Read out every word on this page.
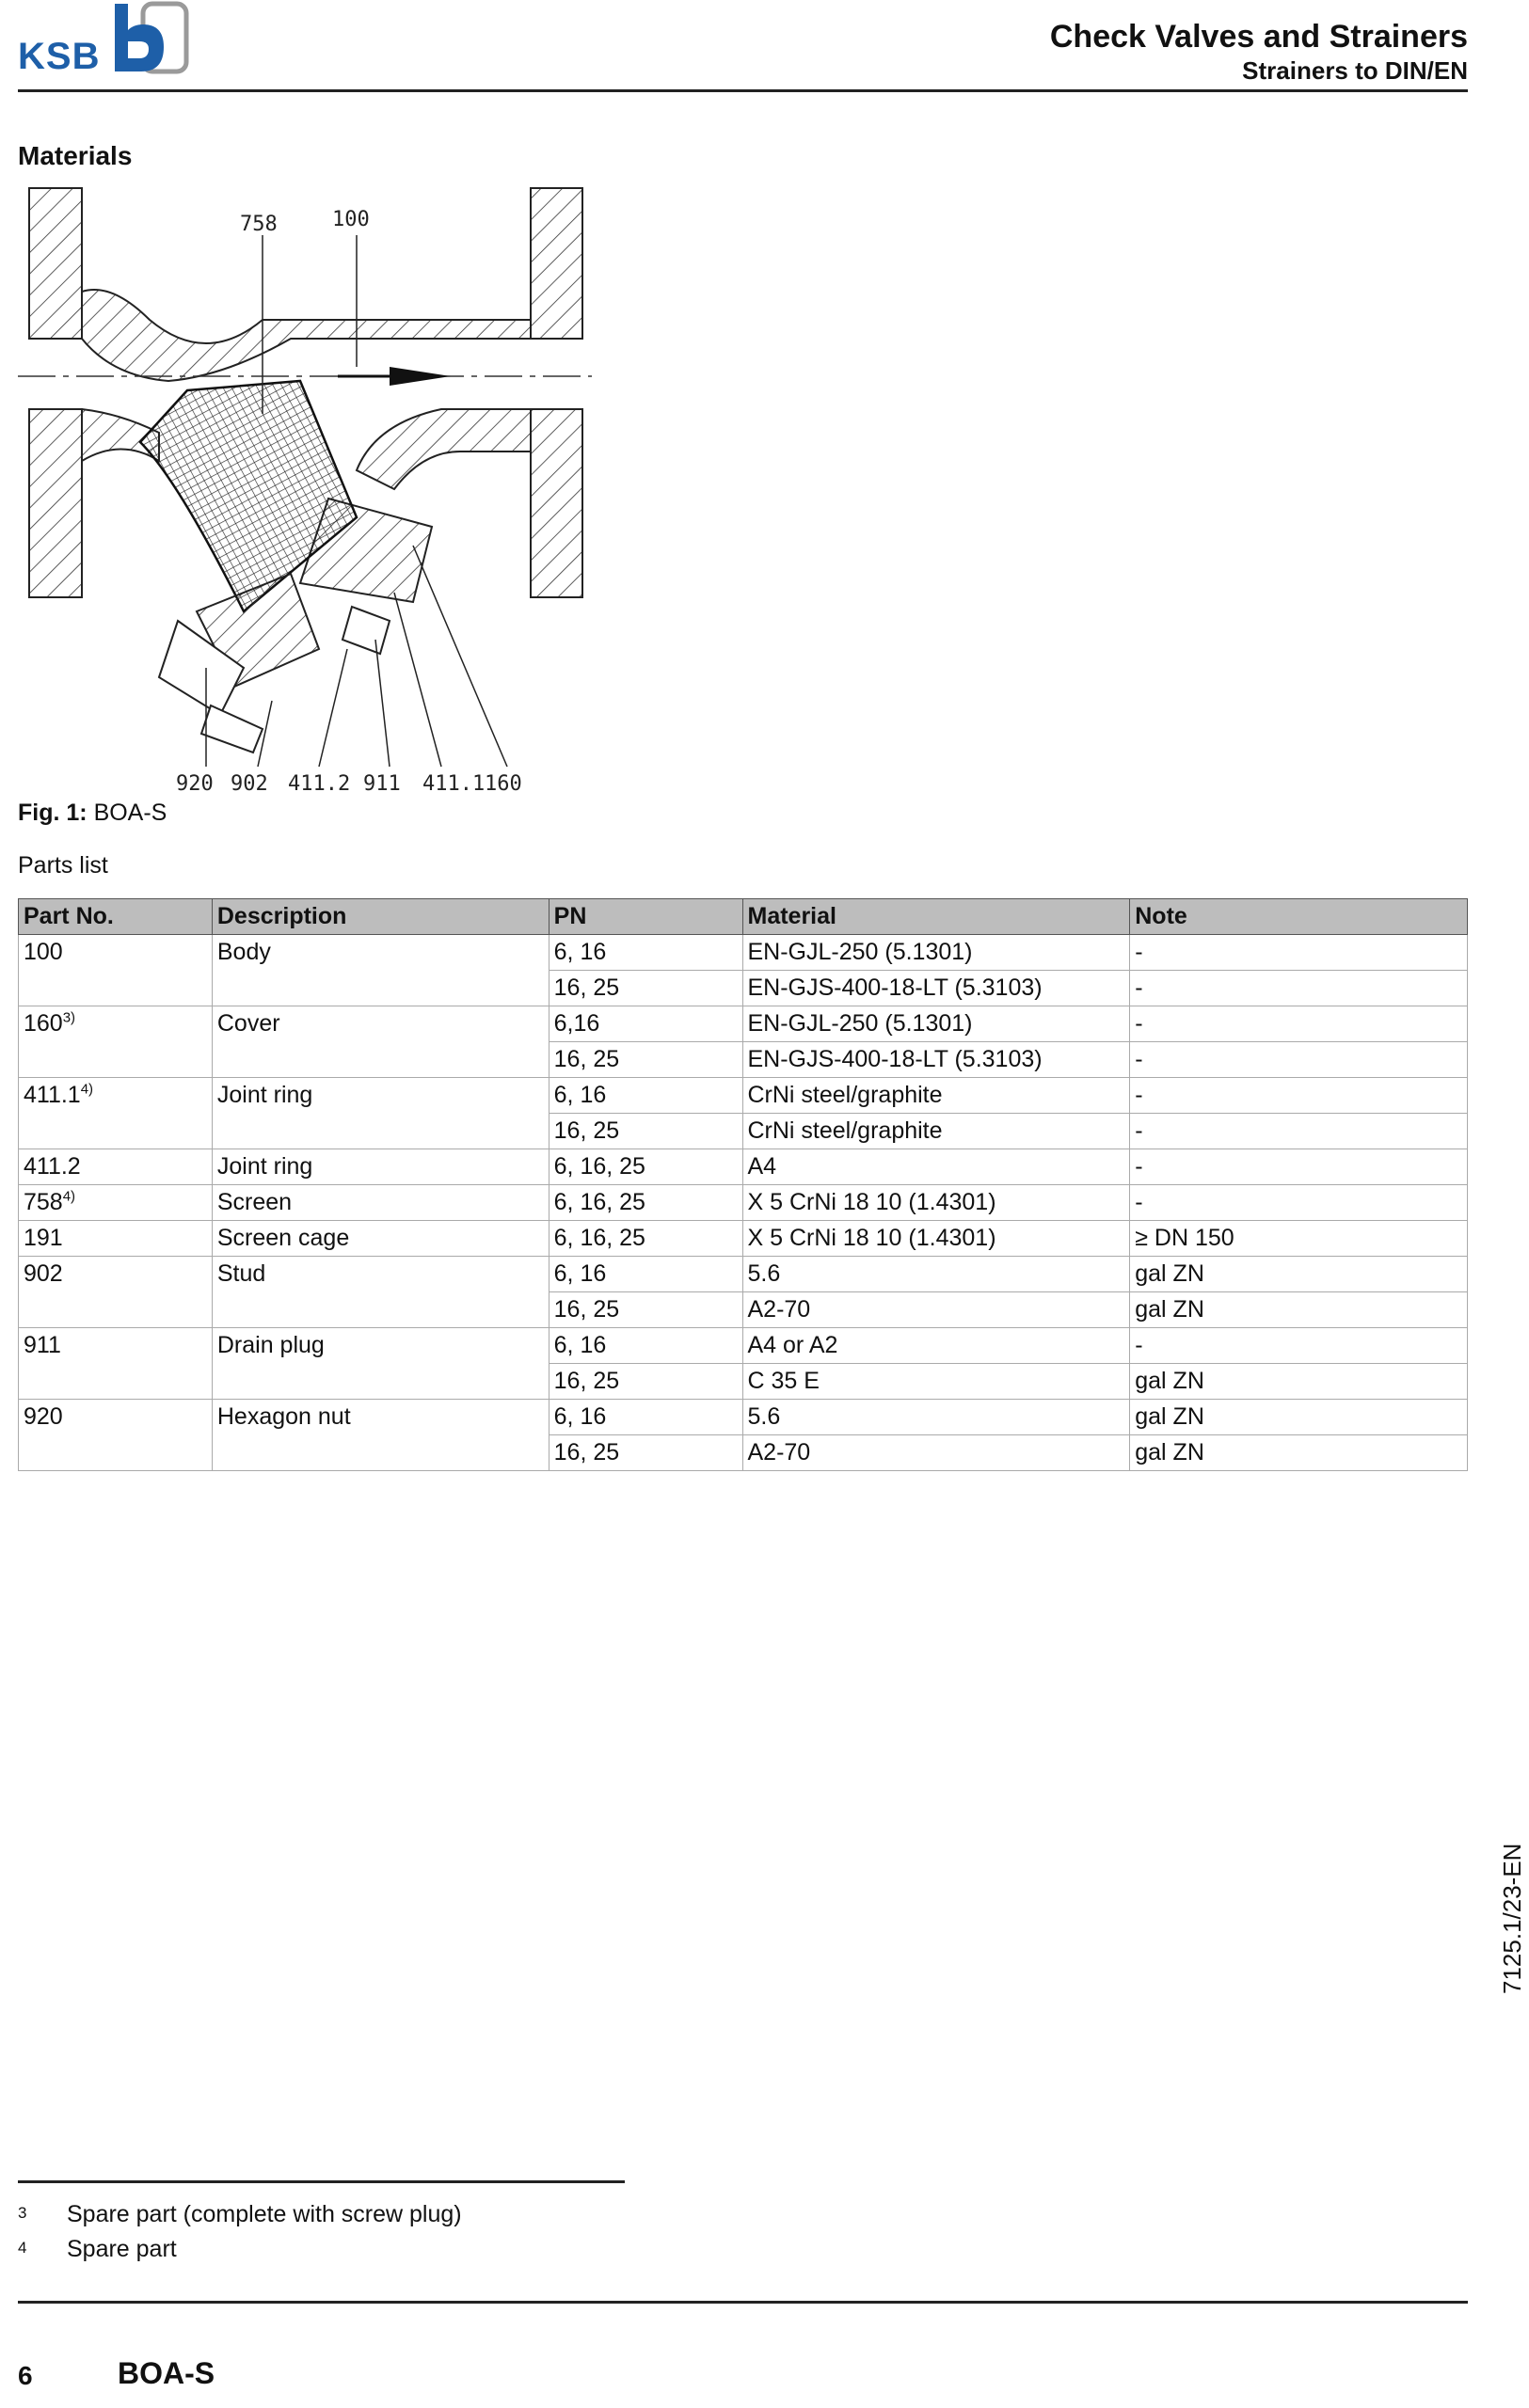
KSB	Check Valves and Strainers
Strainers to DIN/EN
Materials
758	100
920 902 411.2 911 411.1 160
Fig. 1: BOA-S
Parts list
Part No.	Description	PN	Material	Note
100	Body	6, 16	EN-GJL-250 (5.1301)	-
		16, 25	EN-GJS-400-18-LT (5.3103)	-
160$^{3)}$	Cover	6,16	EN-GJL-250 (5.1301)	-
		16, 25	EN-GJS-400-18-LT (5.3103)	-
411.1$^{4)}$	Joint ring	6, 16	CrNi steel/graphite	-
		16, 25	CrNi steel/graphite	-
411.2	Joint ring	6, 16, 25	A4	-
758$^{4)}$	Screen	6, 16, 25	X 5 CrNi 18 10 (1.4301)	-
191	Screen cage	6, 16, 25	X 5 CrNi 18 10 (1.4301)	≥ DN 150
902	Stud	6, 16	5.6	gal ZN
		16, 25	A2-70	gal ZN
911	Drain plug	6, 16	A4 or A2	-
		16, 25	C 35 E	gal ZN
920	Hexagon nut	6, 16	5.6	gal ZN
		16, 25	A2-70	gal ZN
7125.1/23-EN
3 Spare part (complete with screw plug)
4 Spare part
6	BOA-S
